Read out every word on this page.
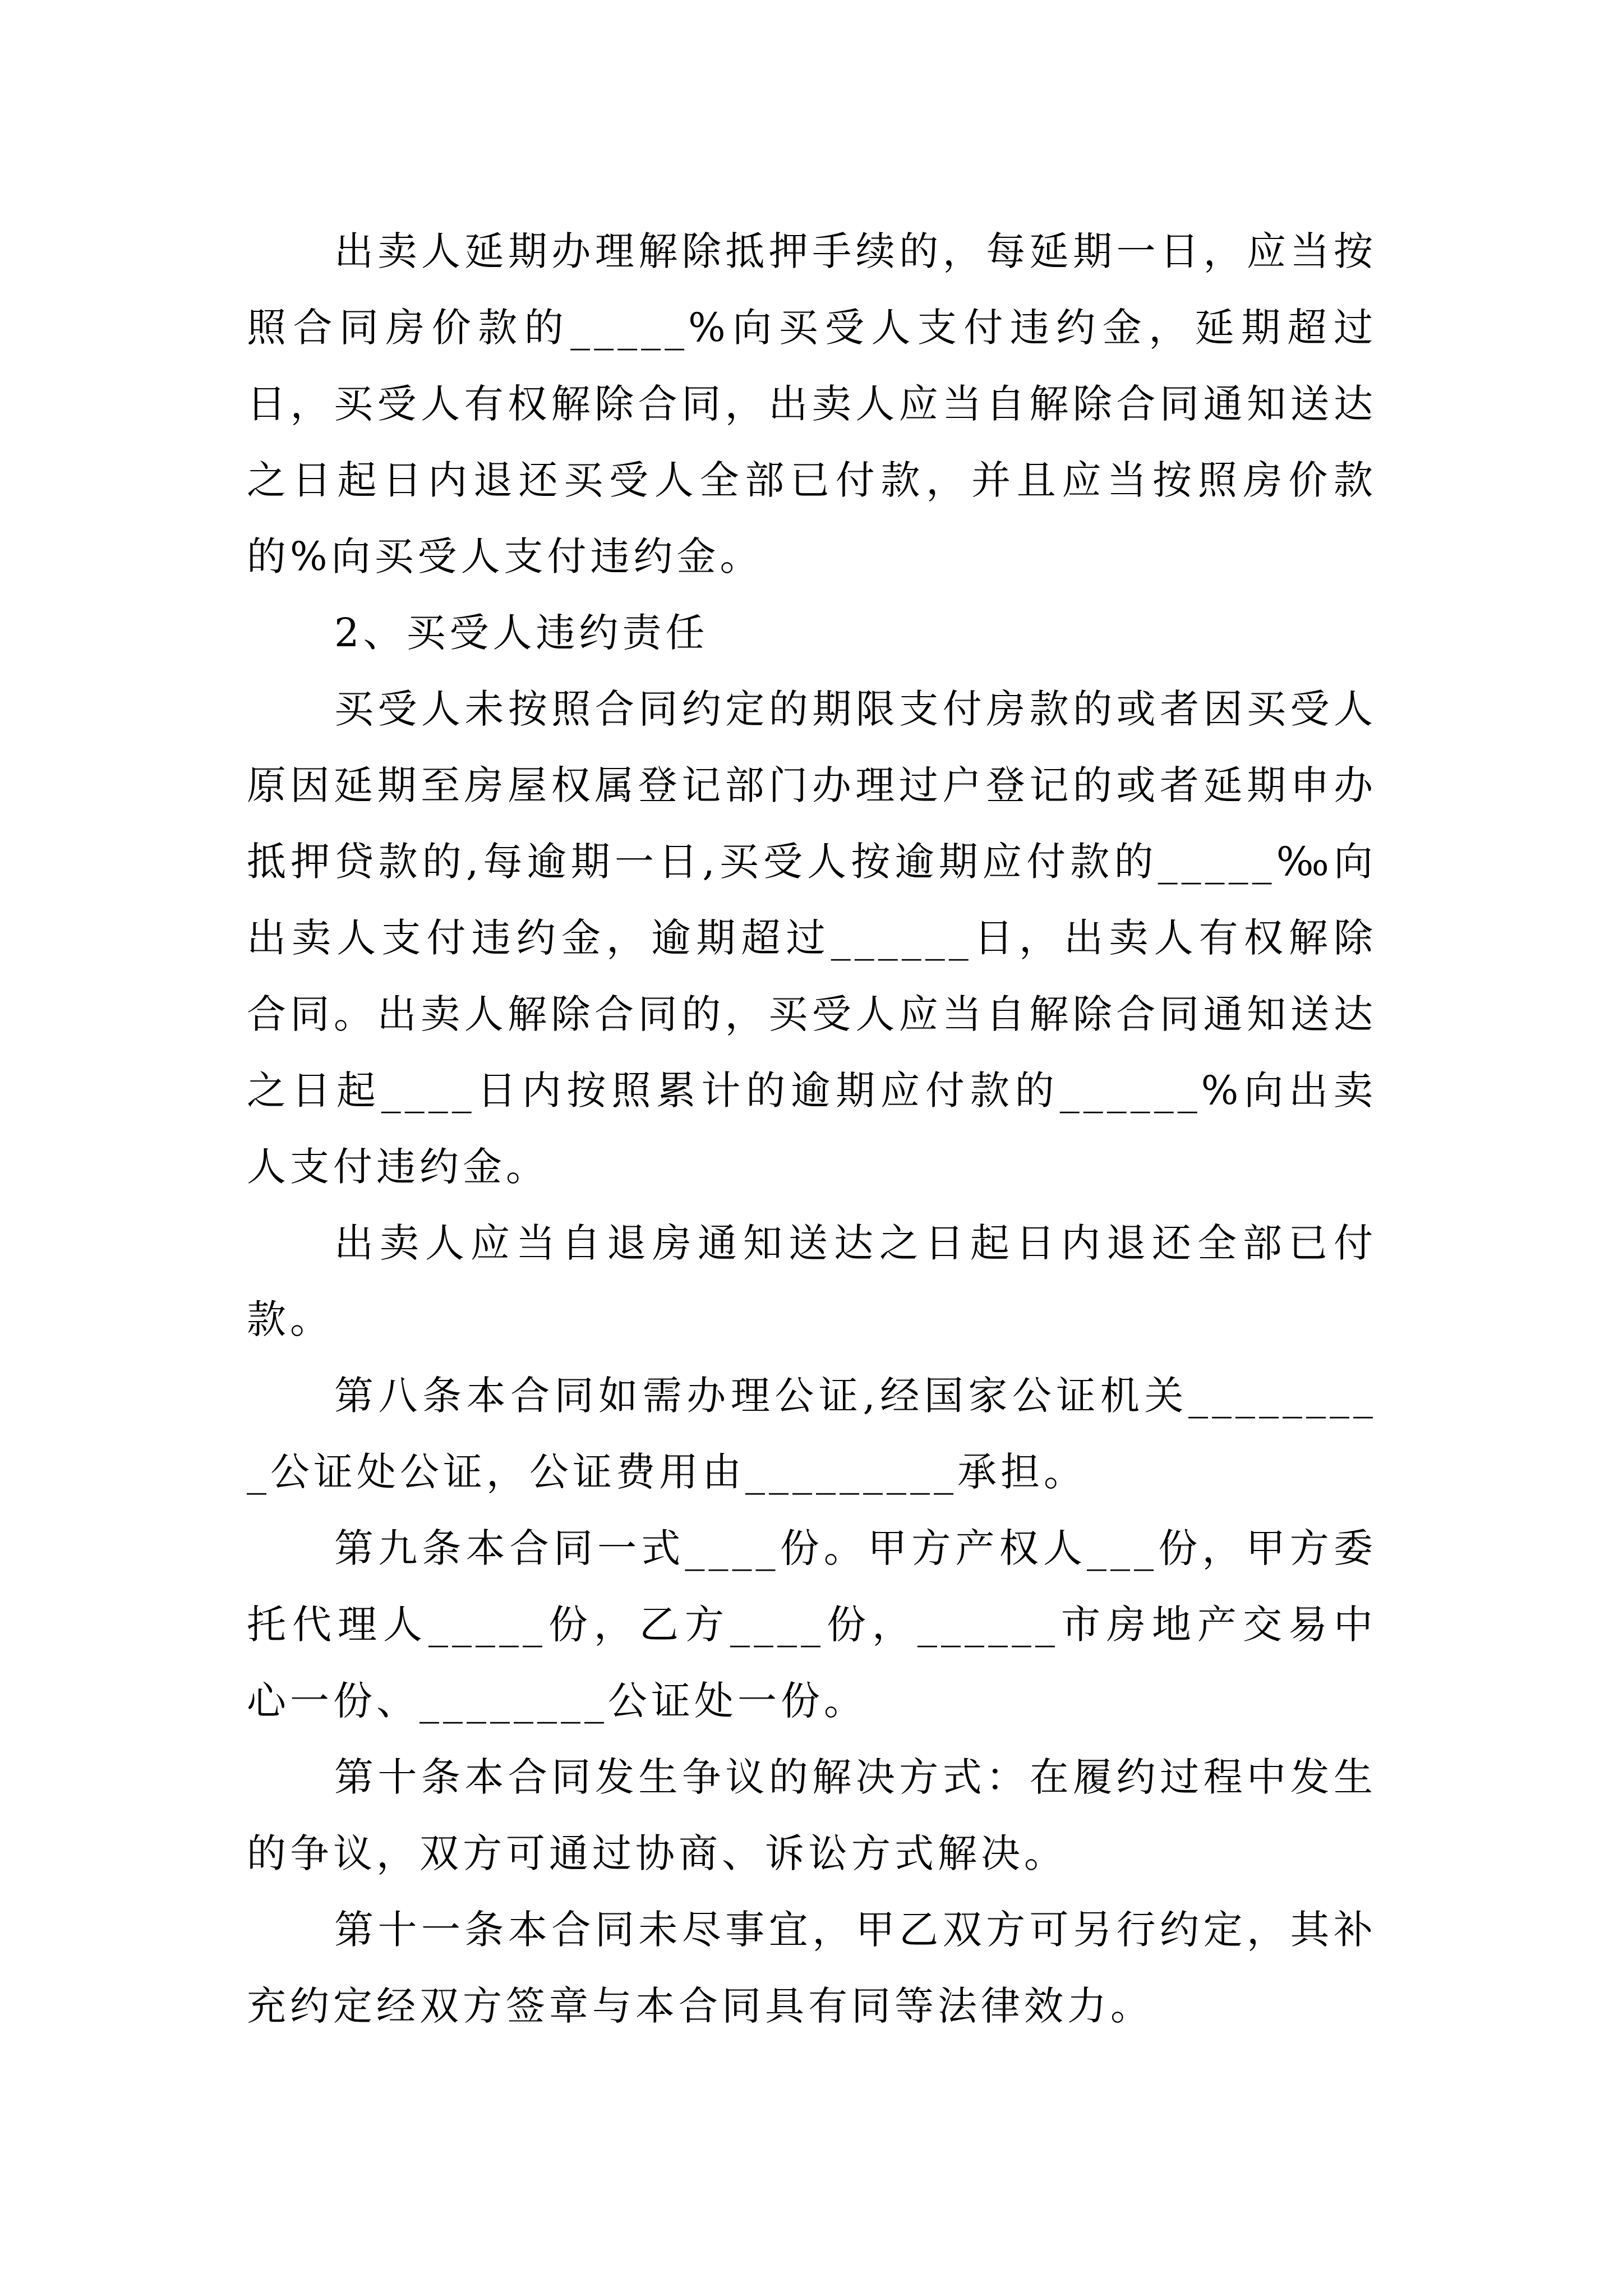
出卖人延期办理解除抵押手续的，每延期一日，应当按照合同房价款的_____%向买受人支付违约金，延期超过日，买受人有权解除合同，出卖人应当自解除合同通知送达之日起日内退还买受人全部已付款，并且应当按照房价款的%向买受人支付违约金。

2、买受人违约责任

买受人未按照合同约定的期限支付房款的或者因买受人原因延期至房屋权属登记部门办理过户登记的或者延期申办抵押贷款的,每逾期一日,买受人按逾期应付款的_____‰向出卖人支付违约金，逾期超过______日，出卖人有权解除合同。出卖人解除合同的，买受人应当自解除合同通知送达之日起____日内按照累计的逾期应付款的______%向出卖人支付违约金。

出卖人应当自退房通知送达之日起日内退还全部已付款。

第八条本合同如需办理公证,经国家公证机关_________公证处公证，公证费用由_________承担。

第九条本合同一式____份。甲方产权人___份，甲方委托代理人_____份，乙方____份，______市房地产交易中心一份、________公证处一份。

第十条本合同发生争议的解决方式：在履约过程中发生的争议，双方可通过协商、诉讼方式解决。

第十一条本合同未尽事宜，甲乙双方可另行约定，其补充约定经双方签章与本合同具有同等法律效力。
